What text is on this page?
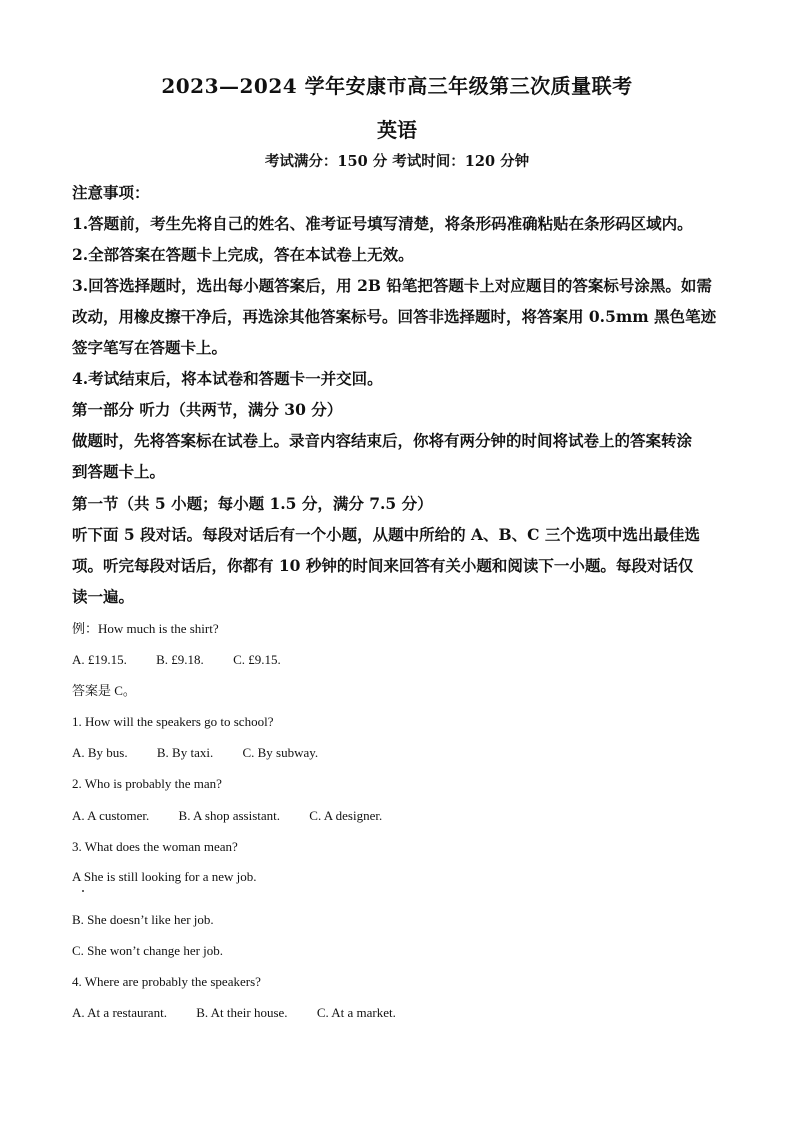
2023—2024 学年安康市高三年级第三次质量联考
英语
考试满分：150 分 考试时间：120 分钟

注意事项：

1.答题前，考生先将自己的姓名、准考证号填写清楚，将条形码准确粘贴在条形码区域内。

2.全部答案在答题卡上完成，答在本试卷上无效。

3.回答选择题时，选出每小题答案后，用 2B 铅笔把答题卡上对应题目的答案标号涂黑。如需

改动，用橡皮擦干净后，再选涂其他答案标号。回答非选择题时，将答案用 0.5mm 黑色笔迹

签字笔写在答题卡上。

4.考试结束后，将本试卷和答题卡一并交回。

第一部分 听力（共两节，满分 30 分）

做题时，先将答案标在试卷上。录音内容结束后，你将有两分钟的时间将试卷上的答案转涂

到答题卡上。

第一节（共 5 小题；每小题 1.5 分，满分 7.5 分）

听下面 5 段对话。每段对话后有一个小题，从题中所给的 A、B、C 三个选项中选出最佳选

项。听完每段对话后，你都有 10 秒钟的时间来回答有关小题和阅读下一小题。每段对话仅

读一遍。

例：How much is the shirt?

A. £19.15. B. £9.18. C. £9.15.

答案是 C。

1. How will the speakers go to school?

A. By bus. B. By taxi. C. By subway.

2. Who is probably the man?

A. A customer. B. A shop assistant. C. A designer.

3. What does the woman mean?

A She is still looking for a new job.

B. She doesn’t like her job.

C. She won’t change her job.

4. Where are probably the speakers?

A. At a restaurant. B. At their house. C. At a market.
